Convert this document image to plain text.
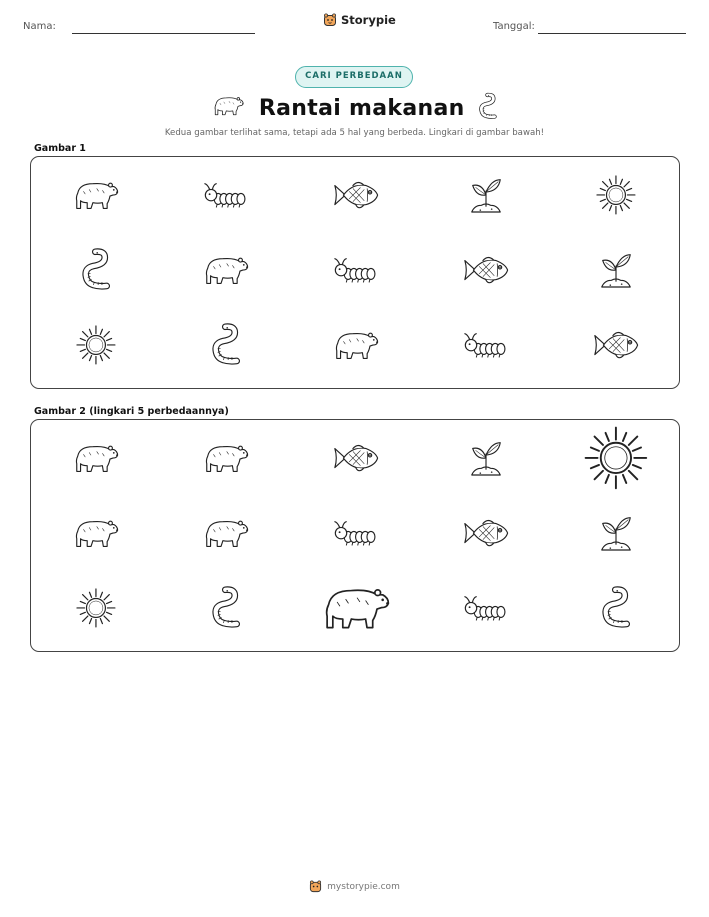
Nama:	Storypie	Tanggal:
CARI PERBEDAAN
Rantai makanan
Kedua gambar terlihat sama, tetapi ada 5 hal yang berbeda. Lingkari di gambar bawah!
Gambar 1
Gambar 2 (lingkari 5 perbedaannya)
mystorypie.com
